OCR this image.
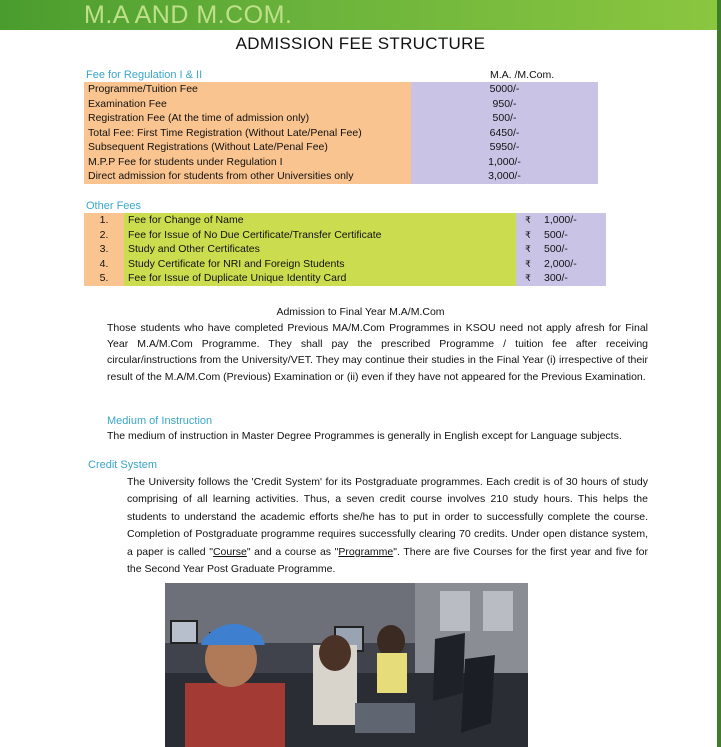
M.A AND M.COM.
ADMISSION FEE STRUCTURE
Fee for Regulation I & II	M.A. /M.Com.
Programme/Tuition Fee	5000/-
Examination Fee	950/-
Registration Fee (At the time of admission only)	500/-
Total Fee: First Time Registration (Without Late/Penal Fee)	6450/-
Subsequent Registrations (Without Late/Penal Fee)	5950/-
M.P.P Fee for students under Regulation I	1,000/-
Direct admission for students from other Universities only	3,000/-
Other Fees
1.	Fee for Change of Name	₹	1,000/-
2.	Fee for Issue of No Due Certificate/Transfer Certificate	₹	500/-
3.	Study and Other Certificates	₹	500/-
4.	Study Certificate for NRI and Foreign Students	₹	2,000/-
5.	Fee for Issue of Duplicate Unique Identity Card	₹	300/-
Admission to Final Year M.A/M.Com
Those students who have completed Previous MA/M.Com Programmes in KSOU need not apply afresh for Final Year M.A/M.Com Programme. They shall pay the prescribed Programme / tuition fee after receiving circular/instructions from the University/VET. They may continue their studies in the Final Year (i) irrespective of their result of the M.A/M.Com (Previous) Examination or (ii) even if they have not appeared for the Previous Examination.
Medium of Instruction
The medium of instruction in Master Degree Programmes is generally in English except for Language subjects.
Credit System
The University follows the 'Credit System' for its Postgraduate programmes. Each credit is of 30 hours of study comprising of all learning activities. Thus, a seven credit course involves 210 study hours. This helps the students to understand the academic efforts she/he has to put in order to successfully complete the course. Completion of Postgraduate programme requires successfully clearing 70 credits. Under open distance system, a paper is called "Course" and a course as "Programme". There are five Courses for the first year and five for the Second Year Post Graduate Programme.
